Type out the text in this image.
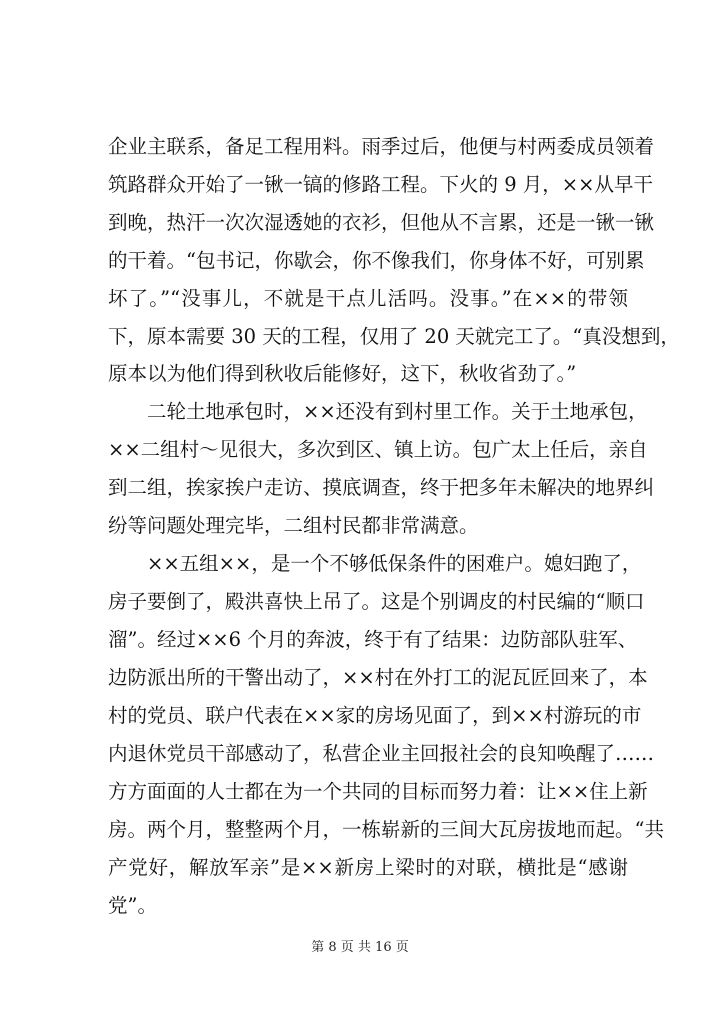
企业主联系，备足工程用料。雨季过后，他便与村两委成员领着
筑路群众开始了一锹一镐的修路工程。下火的 9 月，××从早干
到晚，热汗一次次湿透她的衣衫，但他从不言累，还是一锹一锹
的干着。“包书记，你歇会，你不像我们，你身体不好，可别累
坏了。”“没事儿，不就是干点儿活吗。没事。”在××的带领
下，原本需要 30 天的工程，仅用了 20 天就完工了。“真没想到，
原本以为他们得到秋收后能修好，这下，秋收省劲了。”
二轮土地承包时，××还没有到村里工作。关于土地承包，
××二组村～见很大，多次到区、镇上访。包广太上任后，亲自
到二组，挨家挨户走访、摸底调查，终于把多年未解决的地界纠
纷等问题处理完毕，二组村民都非常满意。
××五组××，是一个不够低保条件的困难户。媳妇跑了，
房子要倒了，殿洪喜快上吊了。这是个别调皮的村民编的“顺口
溜”。经过××6 个月的奔波，终于有了结果：边防部队驻军、
边防派出所的干警出动了，××村在外打工的泥瓦匠回来了，本
村的党员、联户代表在××家的房场见面了，到××村游玩的市
内退休党员干部感动了，私营企业主回报社会的良知唤醒了……
方方面面的人士都在为一个共同的目标而努力着：让××住上新
房。两个月，整整两个月，一栋崭新的三间大瓦房拔地而起。“共
产党好，解放军亲”是××新房上梁时的对联，横批是“感谢
党”。
第 8 页 共 16 页
